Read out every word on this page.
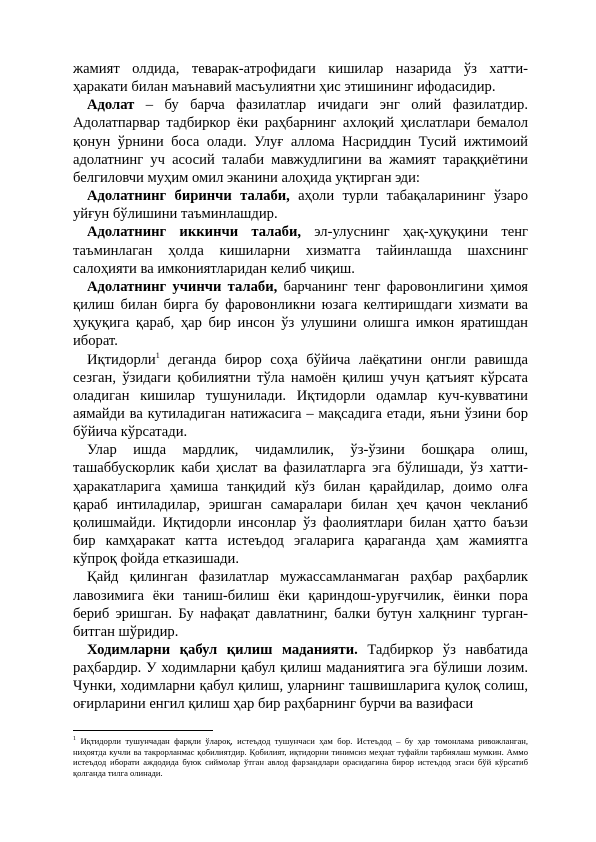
жамият олдида, теварак-атрофидаги кишилар назарида ўз хатти-ҳаракати билан маънавий масъулиятни ҳис этишининг ифодасидир.

Адолат – бу барча фазилатлар ичидаги энг олий фазилатдир. Адолатпарвар тадбиркор ёки раҳбарнинг ахлоқий ҳислатлари бемалол қонун ўрнини боса олади. Улуғ аллома Насриддин Тусий ижтимоий адолатнинг уч асосий талаби мавжудлигини ва жамият тараққиётини белгиловчи муҳим омил эканини алоҳида уқтирган эди:

Адолатнинг биринчи талаби, аҳоли турли табақаларининг ўзаро уйғун бўлишини таъминлашдир.

Адолатнинг иккинчи талаби, эл-улуснинг ҳақ-ҳуқуқини тенг таъминлаган ҳолда кишиларни хизматга тайинлашда шахснинг салоҳияти ва имкониятларидан келиб чиқиш.

Адолатнинг учинчи талаби, барчанинг тенг фаровонлигини ҳимоя қилиш билан бирга бу фаровонликни юзага келтиришдаги хизмати ва ҳуқуқига қараб, ҳар бир инсон ўз улушини олишга имкон яратишдан иборат.

Иқтидорли$^1$ деганда бирор соҳа бўйича лаёқатини онгли равишда сезган, ўзидаги қобилиятни тўла намоён қилиш учун қатъият кўрсата оладиган кишилар тушунилади. Иқтидорли одамлар куч-кувватини аямайди ва кутиладиган натижасига – мақсадига етади, яъни ўзини бор бўйича кўрсатади.

Улар ишда мардлик, чидамлилик, ўз-ўзини бошқара олиш, ташаббускорлик каби ҳислат ва фазилатларга эга бўлишади, ўз хатти-ҳаракатларига ҳамиша танқидий кўз билан қарайдилар, доимо олға қараб интиладилар, эришган самаралари билан ҳеч қачон чекланиб қолишмайди. Иқтидорли инсонлар ўз фаолиятлари билан ҳатто баъзи бир камҳаракат катта истеъдод эгаларига қараганда ҳам жамиятга кўпроқ фойда етказишади.

Қайд қилинган фазилатлар мужассамланмаган раҳбар раҳбарлик лавозимига ёки таниш-билиш ёки қариндош-уруғчилик, ёинки пора бериб эришган. Бу нафақат давлатнинг, балки бутун халқнинг турган-битган шўридир.

Ходимларни қабул қилиш маданияти. Тадбиркор ўз навбатида раҳбардир. У ходимларни қабул қилиш маданиятига эга бўлиши лозим. Чунки, ходимларни қабул қилиш, уларнинг ташвишларига қулоқ солиш, оғирларини енгил қилиш ҳар бир раҳбарнинг бурчи ва вазифаси

$^1$ Иқтидорли тушунчадан фарқли ўлароқ, истеъдод тушунчаси ҳам бор. Истеъдод – бу ҳар томонлама ривожланган, ниҳоятда кучли ва такрорланмас қобилиятдир. Қобилият, иқтидорни тинимсиз меҳнат туфайли тарбиялаш мумкин. Аммо истеъдод иборати аждодида буюк сиймолар ўтган авлод фарзандлари орасидагина бирор истеъдод эгаси бўй кўрсатиб қолганда тилга олинади.
